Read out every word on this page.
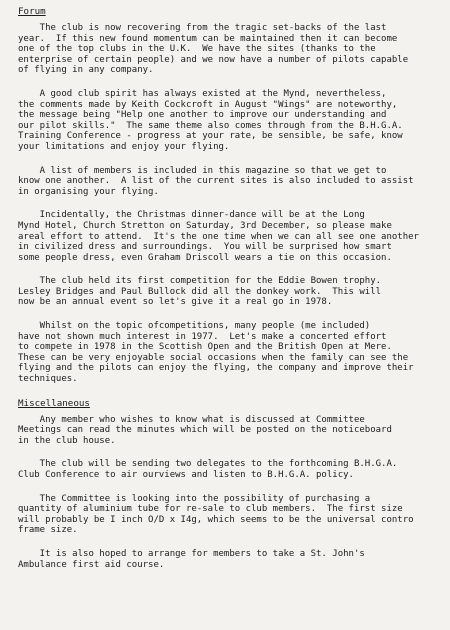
Forum
The club is now recovering from the tragic set-backs of the last
year.  If this new found momentum can be maintained then it can become
one of the top clubs in the U.K.  We have the sites (thanks to the
enterprise of certain people) and we now have a number of pilots capable
of flying in any company.
A good club spirit has always existed at the Mynd, nevertheless,
the comments made by Keith Cockcroft in August "Wings" are noteworthy,
the message being "Help one another to improve our understanding and
our pilot skills."  The same theme also comes through from the B.H.G.A.
Training Conference - progress at your rate, be sensible, be safe, know
your limitations and enjoy your flying.
A list of members is included in this magazine so that we get to
know one another.  A list of the current sites is also included to assist
in organising your flying.
Incidentally, the Christmas dinner-dance will be at the Long
Mynd Hotel, Church Stretton on Saturday, 3rd December, so please make
areal effort to attend.  It's the one time when we can all see one another
in civilized dress and surroundings.  You will be surprised how smart
some people dress, even Graham Driscoll wears a tie on this occasion.
The club held its first competition for the Eddie Bowen trophy.
Lesley Bridges and Paul Bullock did all the donkey work.  This will
now be an annual event so let's give it a real go in 1978.
Whilst on the topic ofcompetitions, many people (me included)
have not shown much interest in 1977.  Let's make a concerted effort
to compete in 1978 in the Scottish Open and the British Open at Mere.
These can be very enjoyable social occasions when the family can see the
flying and the pilots can enjoy the flying, the company and improve their
techniques.
Miscellaneous
Any member who wishes to know what is discussed at Committee
Meetings can read the minutes which will be posted on the noticeboard
in the club house.
The club will be sending two delegates to the forthcoming B.H.G.A.
Club Conference to air ourviews and listen to B.H.G.A. policy.
The Committee is looking into the possibility of purchasing a
quantity of aluminium tube for re-sale to club members.  The first size
will probably be I inch O/D x I4g, which seems to be the universal contro
frame size.
It is also hoped to arrange for members to take a St. John's
Ambulance first aid course.
